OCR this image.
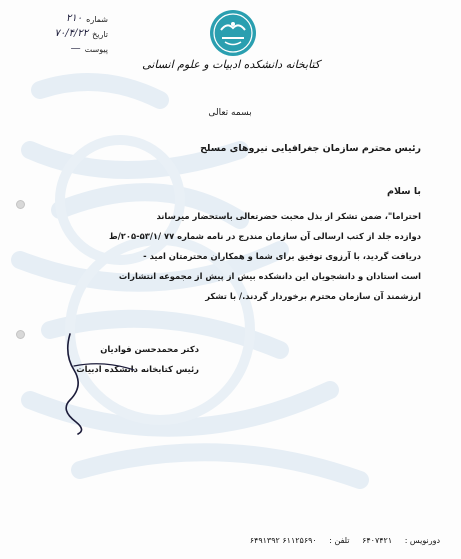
شماره
۲۱۰
تاریخ
۷۰/۴/۲۲
پیوست
—
کتابخانه دانشکده ادبیات و علوم انسانی
بسمه تعالی
رئیس محترم سازمان جغرافیایی نیروهای مسلح
با سلام
احتراما"، ضمن تشکر از بذل محبت حضرتعالی باستحضار میرساند
دوازده جلد از کتب ارسالی آن سازمان مندرج در نامه شماره ۷۷ /۵۳/۱-۲۰۵/ط
دریافت گردید، با آرزوی توفیق برای شما و همکاران محترمتان امید -
است استادان و دانشجویان این دانشکده بیش از پیش از مجموعه انتشارات
ارزشمند آن سازمان محترم برخوردار گردند./ با تشکر
دکتر محمدحسن فوادیان
رئیس کتابخانه دانشکده ادبیات
دورنویس : ۶۴۰۷۴۲۱ تلفن : ۶۱۱۲۵۶۹۰ ۶۴۹۱۳۹۲
